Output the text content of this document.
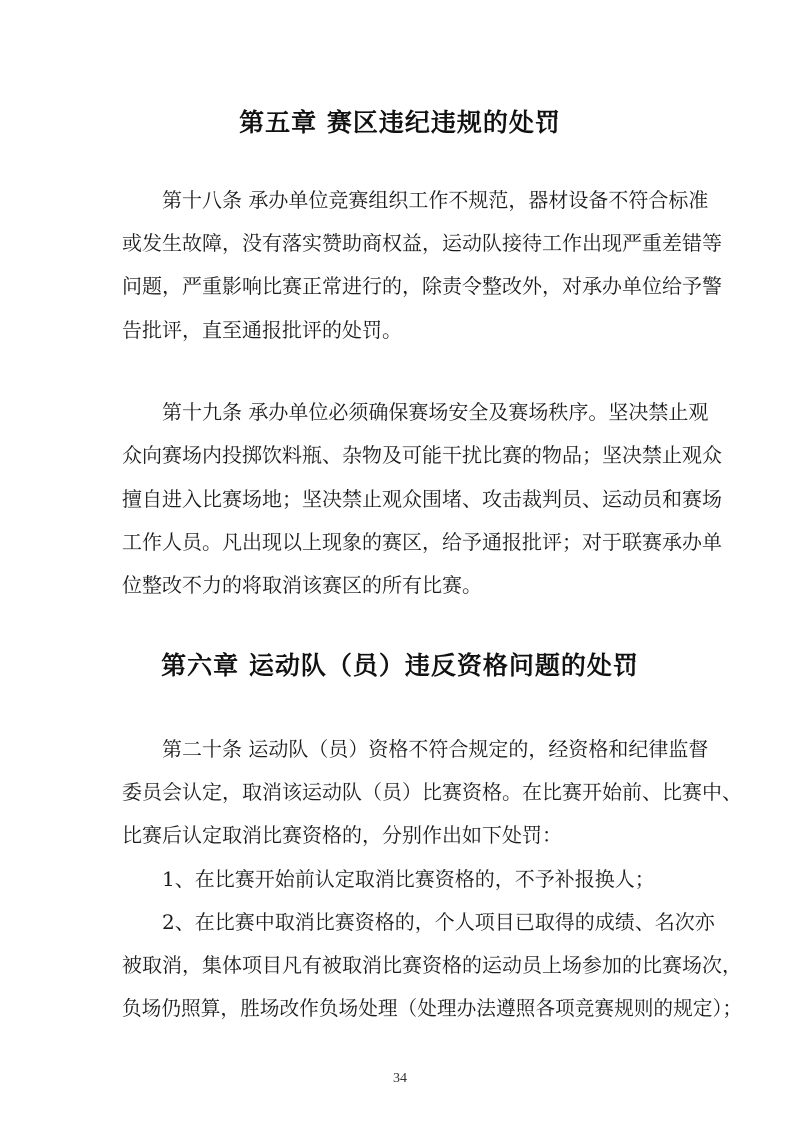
第五章 赛区违纪违规的处罚

第十八条 承办单位竞赛组织工作不规范，器材设备不符合标准

或发生故障，没有落实赞助商权益，运动队接待工作出现严重差错等

问题，严重影响比赛正常进行的，除责令整改外，对承办单位给予警

告批评，直至通报批评的处罚。

第十九条 承办单位必须确保赛场安全及赛场秩序。坚决禁止观

众向赛场内投掷饮料瓶、杂物及可能干扰比赛的物品；坚决禁止观众

擅自进入比赛场地；坚决禁止观众围堵、攻击裁判员、运动员和赛场

工作人员。凡出现以上现象的赛区，给予通报批评；对于联赛承办单

位整改不力的将取消该赛区的所有比赛。

第六章 运动队（员）违反资格问题的处罚

第二十条 运动队（员）资格不符合规定的，经资格和纪律监督

委员会认定，取消该运动队（员）比赛资格。在比赛开始前、比赛中、

比赛后认定取消比赛资格的，分别作出如下处罚：

1、在比赛开始前认定取消比赛资格的，不予补报换人；

2、在比赛中取消比赛资格的，个人项目已取得的成绩、名次亦

被取消，集体项目凡有被取消比赛资格的运动员上场参加的比赛场次，

负场仍照算，胜场改作负场处理（处理办法遵照各项竞赛规则的规定）；

34
